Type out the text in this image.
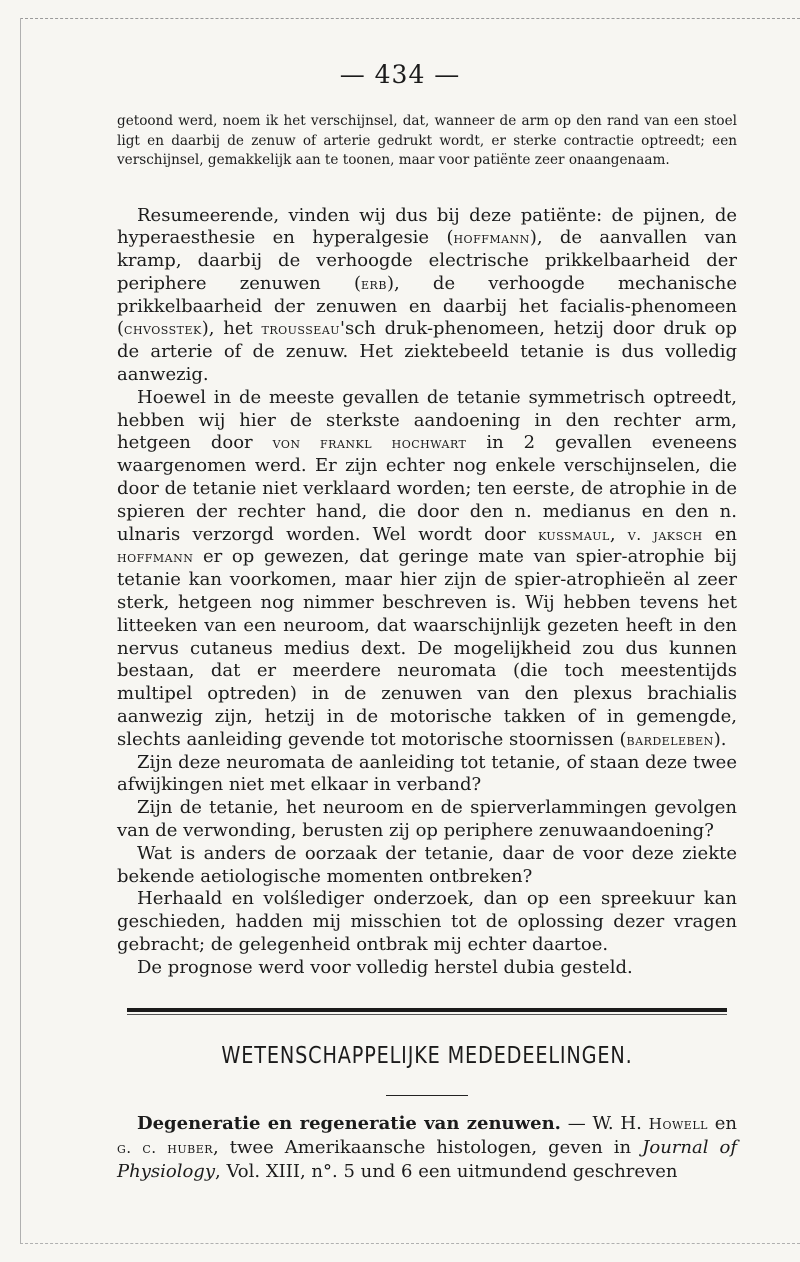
— 434 —

getoond werd, noem ik het verschijnsel, dat, wanneer de arm op den rand van een stoel ligt en daarbij de zenuw of arterie gedrukt wordt, er sterke contractie optreedt; een verschijnsel, gemakkelijk aan te toonen, maar voor patiënte zeer onaangenaam.

Resumeerende, vinden wij dus bij deze patiënte: de pijnen, de hyperaesthesie en hyperalgesie (hoffmann), de aanvallen van kramp, daarbij de verhoogde electrische prikkelbaarheid der periphere zenuwen (erb), de verhoogde mechanische prikkelbaarheid der zenuwen en daarbij het facialis-phenomeen (chvosstek), het trousseau'sch druk-phenomeen, hetzij door druk op de arterie of de zenuw. Het ziektebeeld tetanie is dus volledig aanwezig.

Hoewel in de meeste gevallen de tetanie symmetrisch optreedt, hebben wij hier de sterkste aandoening in den rechter arm, hetgeen door von frankl hochwart in 2 gevallen eveneens waargenomen werd. Er zijn echter nog enkele verschijnselen, die door de tetanie niet verklaard worden; ten eerste, de atrophie in de spieren der rechter hand, die door den n. medianus en den n. ulnaris verzorgd worden. Wel wordt door kussmaul, v. jaksch en hoffmann er op gewezen, dat geringe mate van spier-atrophie bij tetanie kan voorkomen, maar hier zijn de spier-atrophieën al zeer sterk, hetgeen nog nimmer beschreven is. Wij hebben tevens het litteeken van een neuroom, dat waarschijnlijk gezeten heeft in den nervus cutaneus medius dext. De mogelijkheid zou dus kunnen bestaan, dat er meerdere neuromata (die toch meestentijds multipel optreden) in de zenuwen van den plexus brachialis aanwezig zijn, hetzij in de motorische takken of in gemengde, slechts aanleiding gevende tot motorische stoornissen (bardeleben).

Zijn deze neuromata de aanleiding tot tetanie, of staan deze twee afwijkingen niet met elkaar in verband?

Zijn de tetanie, het neuroom en de spierverlammingen gevolgen van de verwonding, berusten zij op periphere zenuwaandoening?

Wat is anders de oorzaak der tetanie, daar de voor deze ziekte bekende aetiologische momenten ontbreken?

Herhaald en volślediger onderzoek, dan op een spreekuur kan geschieden, hadden mij misschien tot de oplossing dezer vragen gebracht; de gelegenheid ontbrak mij echter daartoe.

De prognose werd voor volledig herstel dubia gesteld.

WETENSCHAPPELIJKE MEDEDEELINGEN.

Degeneratie en regeneratie van zenuwen. — W. H. Howell en g. c. huber, twee Amerikaansche histologen, geven in Journal of Physiology, Vol. XIII, n°. 5 und 6 een uitmundend geschreven
